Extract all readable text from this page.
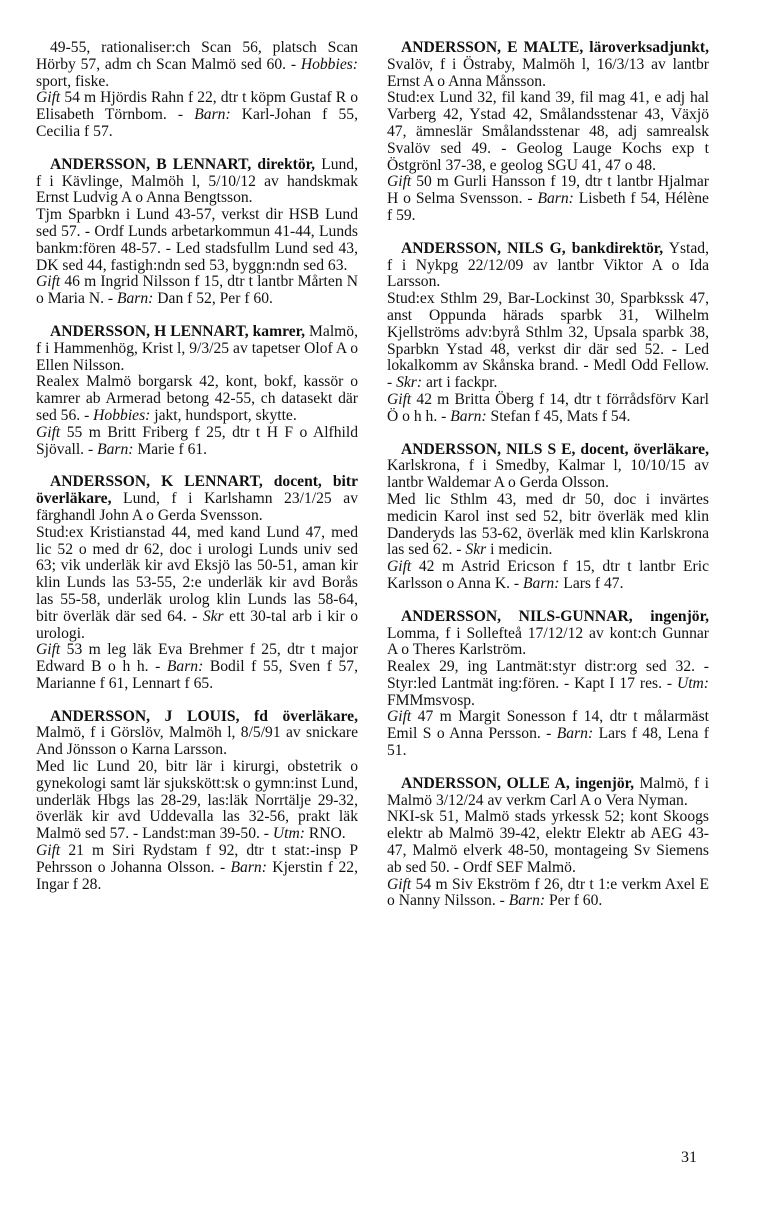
49-55, rationaliser:ch Scan 56, platsch Scan Hörby 57, adm ch Scan Malmö sed 60. - Hobbies: sport, fiske.
Gift 54 m Hjördis Rahn f 22, dtr t köpm Gustaf R o Elisabeth Törnbom. - Barn: Karl-Johan f 55, Cecilia f 57.
ANDERSSON, B LENNART, direktör, Lund, f i Kävlinge, Malmöh l, 5/10/12 av handskmak Ernst Ludvig A o Anna Bengtsson.
Tjm Sparbkn i Lund 43-57, verkst dir HSB Lund sed 57. - Ordf Lunds arbetarkommun 41-44, Lunds bankm:fören 48-57. - Led stadsfullm Lund sed 43, DK sed 44, fastigh:ndn sed 53, byggn:ndn sed 63.
Gift 46 m Ingrid Nilsson f 15, dtr t lantbr Mårten N o Maria N. - Barn: Dan f 52, Per f 60.
ANDERSSON, H LENNART, kamrer, Malmö, f i Hammenhög, Krist l, 9/3/25 av tapetser Olof A o Ellen Nilsson.
Realex Malmö borgarsk 42, kont, bokf, kassör o kamrer ab Armerad betong 42-55, ch datasekt där sed 56. - Hobbies: jakt, hundsport, skytte.
Gift 55 m Britt Friberg f 25, dtr t H F o Alfhild Sjövall. - Barn: Marie f 61.
ANDERSSON, K LENNART, docent, bitr överläkare, Lund, f i Karlshamn 23/1/25 av färghandl John A o Gerda Svensson.
Stud:ex Kristianstad 44, med kand Lund 47, med lic 52 o med dr 62, doc i urologi Lunds univ sed 63; vik underläk kir avd Eksjö las 50-51, aman kir klin Lunds las 53-55, 2:e underläk kir avd Borås las 55-58, underläk urolog klin Lunds las 58-64, bitr överläk där sed 64. - Skr ett 30-tal arb i kir o urologi.
Gift 53 m leg läk Eva Brehmer f 25, dtr t major Edward B o h h. - Barn: Bodil f 55, Sven f 57, Marianne f 61, Lennart f 65.
ANDERSSON, J LOUIS, fd överläkare, Malmö, f i Görslöv, Malmöh l, 8/5/91 av snickare And Jönsson o Karna Larsson.
Med lic Lund 20, bitr lär i kirurgi, obstetrik o gynekologi samt lär sjukskött:sk o gymn:inst Lund, underläk Hbgs las 28-29, las:läk Norrtälje 29-32, överläk kir avd Uddevalla las 32-56, prakt läk Malmö sed 57. - Landst:man 39-50. - Utm: RNO.
Gift 21 m Siri Rydstam f 92, dtr t stat:-insp P Pehrsson o Johanna Olsson. - Barn: Kjerstin f 22, Ingar f 28.
ANDERSSON, E MALTE, läroverksadjunkt, Svalöv, f i Östraby, Malmöh l, 16/3/13 av lantbr Ernst A o Anna Månsson.
Stud:ex Lund 32, fil kand 39, fil mag 41, e adj hal Varberg 42, Ystad 42, Smålandsstenar 43, Växjö 47, ämneslär Smålandsstenar 48, adj samrealsk Svalöv sed 49. - Geolog Lauge Kochs exp t Östgrönl 37-38, e geolog SGU 41, 47 o 48.
Gift 50 m Gurli Hansson f 19, dtr t lantbr Hjalmar H o Selma Svensson. - Barn: Lisbeth f 54, Hélène f 59.
ANDERSSON, NILS G, bankdirektör, Ystad, f i Nykpg 22/12/09 av lantbr Viktor A o Ida Larsson.
Stud:ex Sthlm 29, Bar-Lockinst 30, Sparbkssk 47, anst Oppunda härads sparbk 31, Wilhelm Kjellströms adv:byrå Sthlm 32, Upsala sparbk 38, Sparbkn Ystad 48, verkst dir där sed 52. - Led lokalkomm av Skånska brand. - Medl Odd Fellow. - Skr: art i fackpr.
Gift 42 m Britta Öberg f 14, dtr t förrådsförv Karl Ö o h h. - Barn: Stefan f 45, Mats f 54.
ANDERSSON, NILS S E, docent, överläkare, Karlskrona, f i Smedby, Kalmar l, 10/10/15 av lantbr Waldemar A o Gerda Olsson.
Med lic Sthlm 43, med dr 50, doc i invärtes medicin Karol inst sed 52, bitr överläk med klin Danderyds las 53-62, överläk med klin Karlskrona las sed 62. - Skr i medicin.
Gift 42 m Astrid Ericson f 15, dtr t lantbr Eric Karlsson o Anna K. - Barn: Lars f 47.
ANDERSSON, NILS-GUNNAR, ingenjör, Lomma, f i Sollefteå 17/12/12 av kont:ch Gunnar A o Theres Karlström.
Realex 29, ing Lantmät:styr distr:org sed 32. - Styr:led Lantmät ing:fören. - Kapt I 17 res. - Utm: FMMmsvosp.
Gift 47 m Margit Sonesson f 14, dtr t målarmäst Emil S o Anna Persson. - Barn: Lars f 48, Lena f 51.
ANDERSSON, OLLE A, ingenjör, Malmö, f i Malmö 3/12/24 av verkm Carl A o Vera Nyman.
NKI-sk 51, Malmö stads yrkessk 52; kont Skoogs elektr ab Malmö 39-42, elektr Elektr ab AEG 43-47, Malmö elverk 48-50, montageing Sv Siemens ab sed 50. - Ordf SEF Malmö.
Gift 54 m Siv Ekström f 26, dtr t 1:e verkm Axel E o Nanny Nilsson. - Barn: Per f 60.
31
